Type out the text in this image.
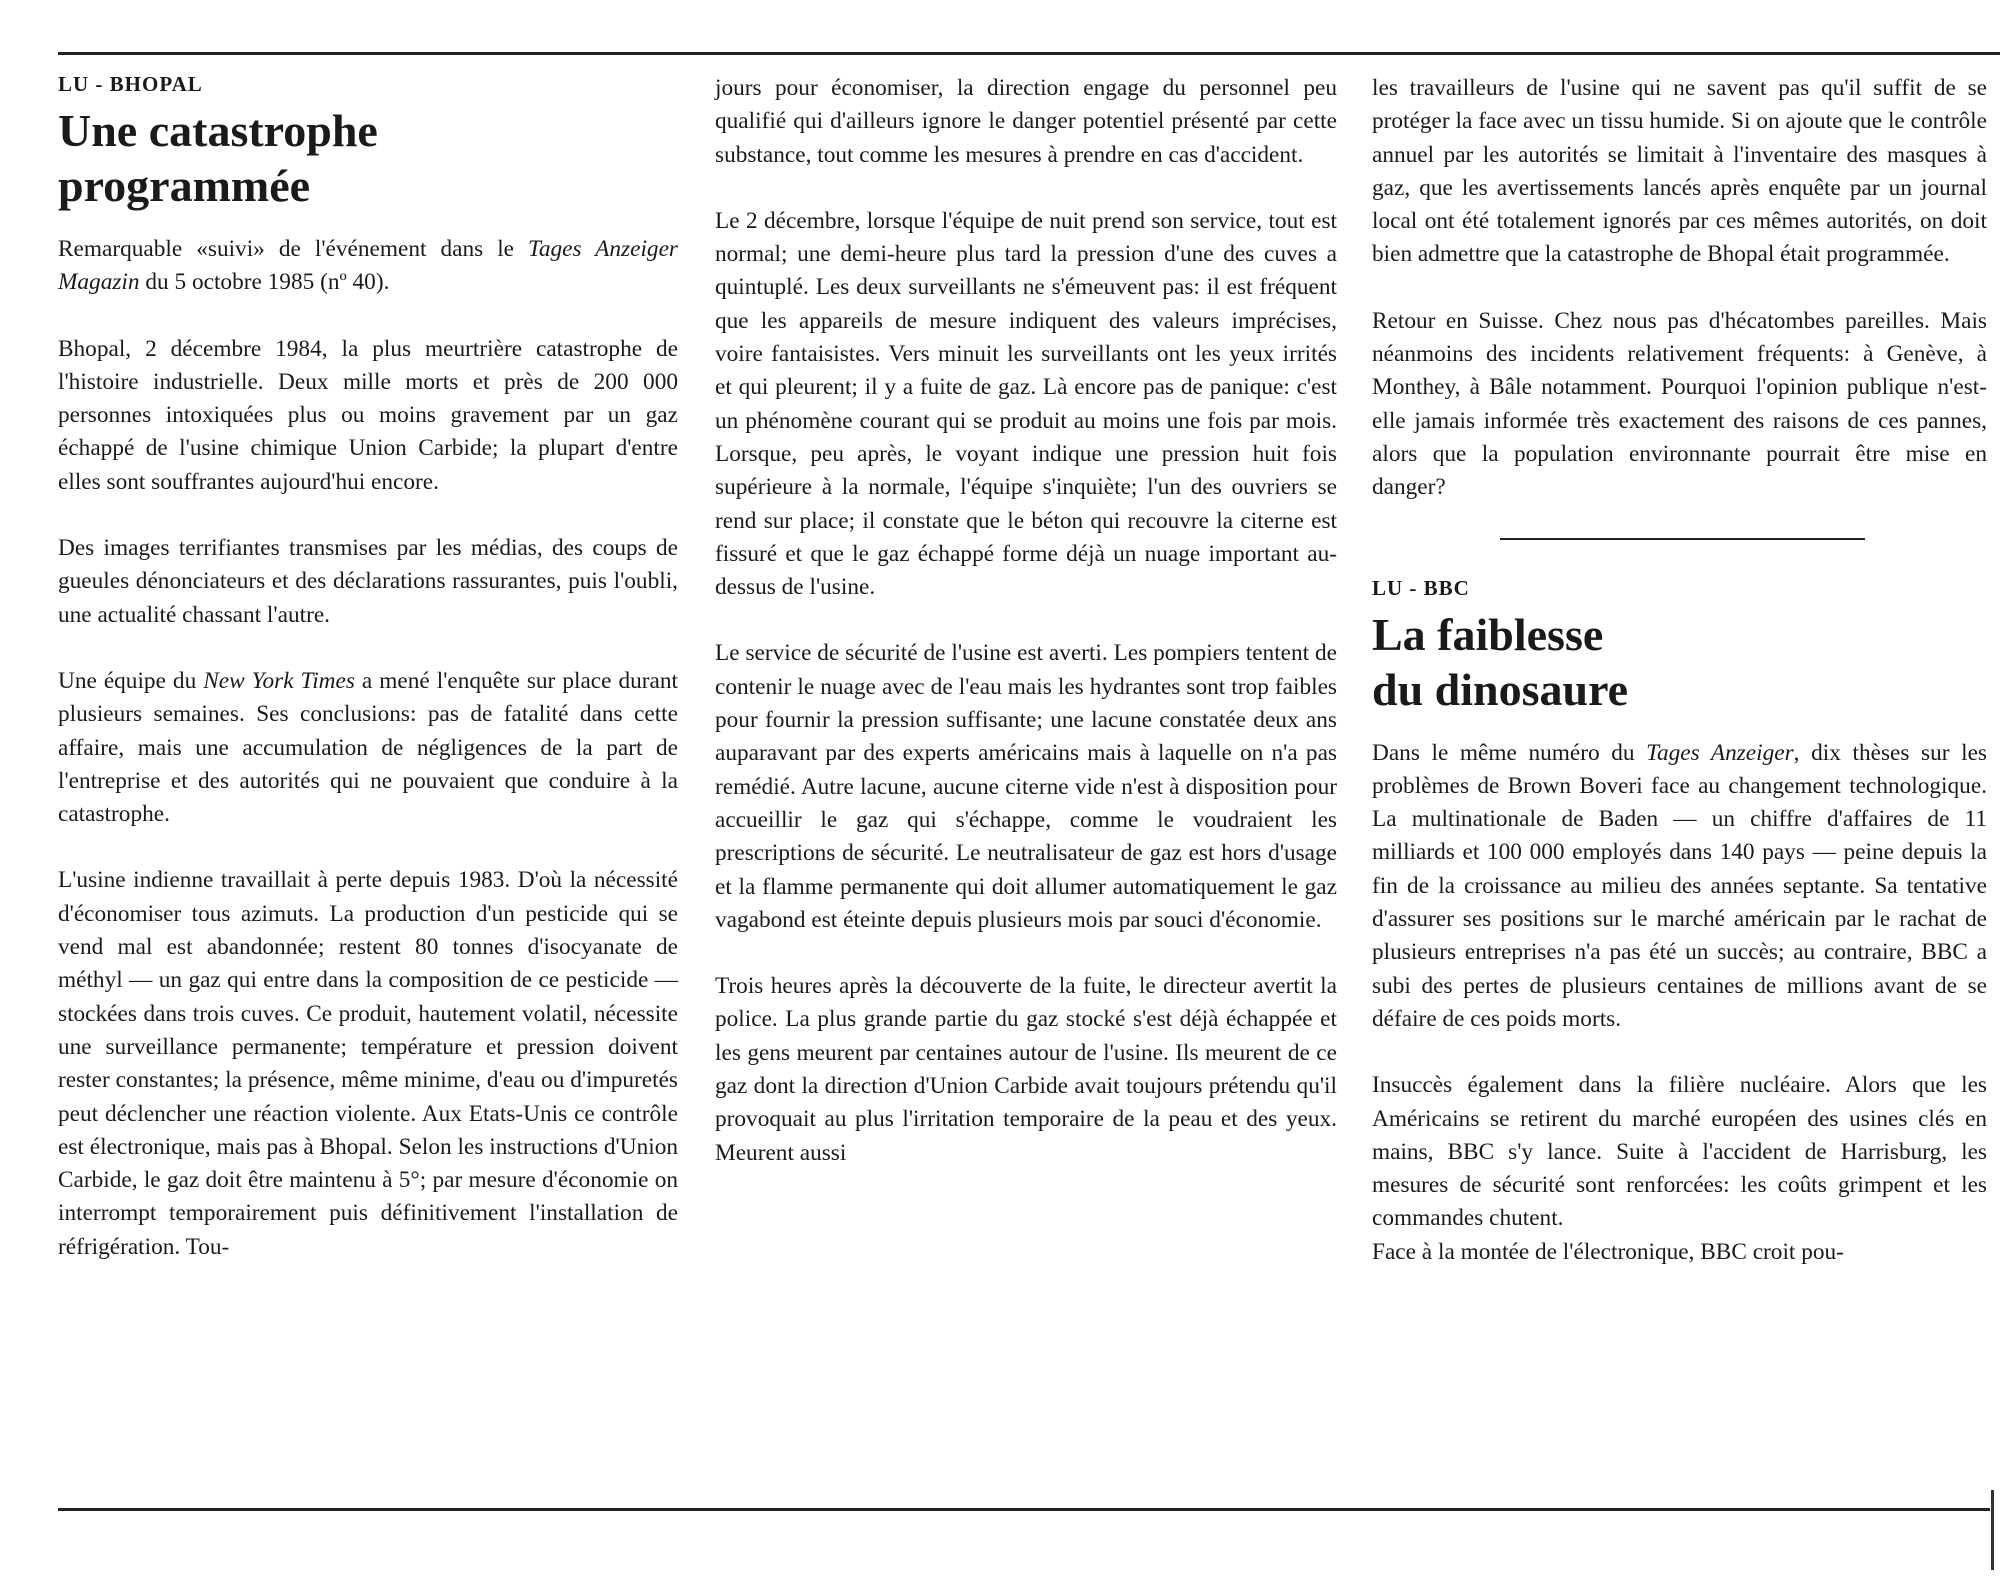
LU - BHOPAL
Une catastrophe
programmée

Remarquable «suivi» de l'événement dans le Tages Anzeiger Magazin du 5 octobre 1985 (nº 40).

Bhopal, 2 décembre 1984, la plus meurtrière catastrophe de l'histoire industrielle. Deux mille morts et près de 200 000 personnes intoxiquées plus ou moins gravement par un gaz échappé de l'usine chimique Union Carbide; la plupart d'entre elles sont souffrantes aujourd'hui encore.

Des images terrifiantes transmises par les médias, des coups de gueules dénonciateurs et des déclarations rassurantes, puis l'oubli, une actualité chassant l'autre.

Une équipe du New York Times a mené l'enquête sur place durant plusieurs semaines. Ses conclusions: pas de fatalité dans cette affaire, mais une accumulation de négligences de la part de l'entreprise et des autorités qui ne pouvaient que conduire à la catastrophe.

L'usine indienne travaillait à perte depuis 1983. D'où la nécessité d'économiser tous azimuts. La production d'un pesticide qui se vend mal est abandonnée; restent 80 tonnes d'isocyanate de méthyl — un gaz qui entre dans la composition de ce pesticide — stockées dans trois cuves. Ce produit, hautement volatil, nécessite une surveillance permanente; température et pression doivent rester constantes; la présence, même minime, d'eau ou d'impuretés peut déclencher une réaction violente. Aux Etats-Unis ce contrôle est électronique, mais pas à Bhopal. Selon les instructions d'Union Carbide, le gaz doit être maintenu à 5°; par mesure d'économie on interrompt temporairement puis définitivement l'installation de réfrigération. Tou-

jours pour économiser, la direction engage du personnel peu qualifié qui d'ailleurs ignore le danger potentiel présenté par cette substance, tout comme les mesures à prendre en cas d'accident.

Le 2 décembre, lorsque l'équipe de nuit prend son service, tout est normal; une demi-heure plus tard la pression d'une des cuves a quintuplé. Les deux surveillants ne s'émeuvent pas: il est fréquent que les appareils de mesure indiquent des valeurs imprécises, voire fantaisistes. Vers minuit les surveillants ont les yeux irrités et qui pleurent; il y a fuite de gaz. Là encore pas de panique: c'est un phénomène courant qui se produit au moins une fois par mois. Lorsque, peu après, le voyant indique une pression huit fois supérieure à la normale, l'équipe s'inquiète; l'un des ouvriers se rend sur place; il constate que le béton qui recouvre la citerne est fissuré et que le gaz échappé forme déjà un nuage important au-dessus de l'usine.

Le service de sécurité de l'usine est averti. Les pompiers tentent de contenir le nuage avec de l'eau mais les hydrantes sont trop faibles pour fournir la pression suffisante; une lacune constatée deux ans auparavant par des experts américains mais à laquelle on n'a pas remédié. Autre lacune, aucune citerne vide n'est à disposition pour accueillir le gaz qui s'échappe, comme le voudraient les prescriptions de sécurité. Le neutralisateur de gaz est hors d'usage et la flamme permanente qui doit allumer automatiquement le gaz vagabond est éteinte depuis plusieurs mois par souci d'économie.

Trois heures après la découverte de la fuite, le directeur avertit la police. La plus grande partie du gaz stocké s'est déjà échappée et les gens meurent par centaines autour de l'usine. Ils meurent de ce gaz dont la direction d'Union Carbide avait toujours prétendu qu'il provoquait au plus l'irritation temporaire de la peau et des yeux. Meurent aussi

les travailleurs de l'usine qui ne savent pas qu'il suffit de se protéger la face avec un tissu humide. Si on ajoute que le contrôle annuel par les autorités se limitait à l'inventaire des masques à gaz, que les avertissements lancés après enquête par un journal local ont été totalement ignorés par ces mêmes autorités, on doit bien admettre que la catastrophe de Bhopal était programmée.

Retour en Suisse. Chez nous pas d'hécatombes pareilles. Mais néanmoins des incidents relativement fréquents: à Genève, à Monthey, à Bâle notamment. Pourquoi l'opinion publique n'est-elle jamais informée très exactement des raisons de ces pannes, alors que la population environnante pourrait être mise en danger?

LU - BBC
La faiblesse
du dinosaure

Dans le même numéro du Tages Anzeiger, dix thèses sur les problèmes de Brown Boveri face au changement technologique. La multinationale de Baden — un chiffre d'affaires de 11 milliards et 100 000 employés dans 140 pays — peine depuis la fin de la croissance au milieu des années septante. Sa tentative d'assurer ses positions sur le marché américain par le rachat de plusieurs entreprises n'a pas été un succès; au contraire, BBC a subi des pertes de plusieurs centaines de millions avant de se défaire de ces poids morts.

Insuccès également dans la filière nucléaire. Alors que les Américains se retirent du marché européen des usines clés en mains, BBC s'y lance. Suite à l'accident de Harrisburg, les mesures de sécurité sont renforcées: les coûts grimpent et les commandes chutent.

Face à la montée de l'électronique, BBC croit pou-
